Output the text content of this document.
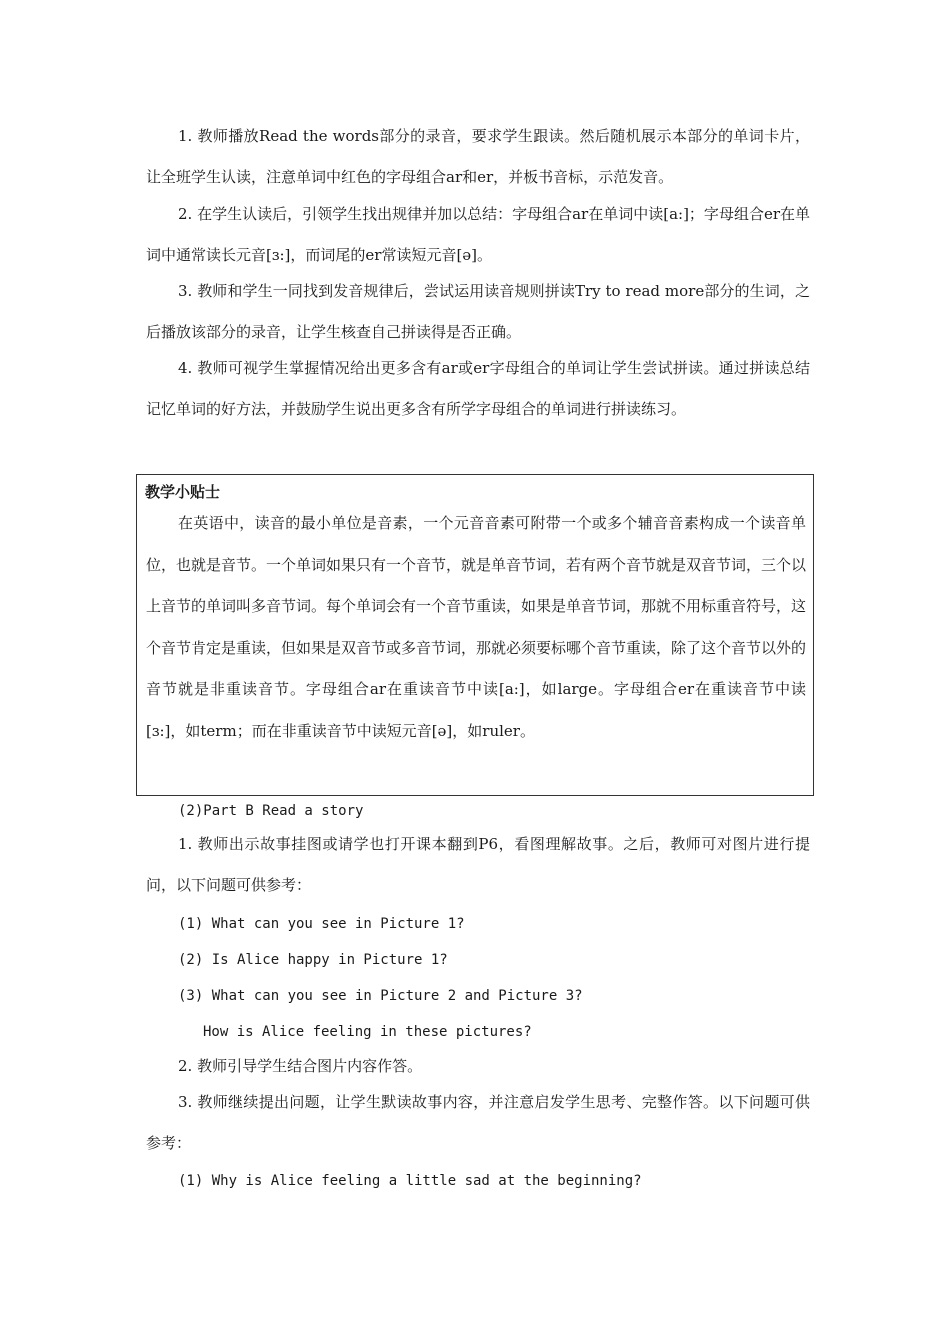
1. 教师播放Read the words部分的录音，要求学生跟读。然后随机展示本部分的单词卡片，让全班学生认读，注意单词中红色的字母组合ar和er，并板书音标，示范发音。

2. 在学生认读后，引领学生找出规律并加以总结：字母组合ar在单词中读[a:]；字母组合er在单词中通常读长元音[ɜ:]，而词尾的er常读短元音[ə]。

3. 教师和学生一同找到发音规律后，尝试运用读音规则拼读Try to read more部分的生词，之后播放该部分的录音，让学生核查自己拼读得是否正确。

4. 教师可视学生掌握情况给出更多含有ar或er字母组合的单词让学生尝试拼读。通过拼读总结记忆单词的好方法，并鼓励学生说出更多含有所学字母组合的单词进行拼读练习。

教学小贴士

在英语中，读音的最小单位是音素，一个元音音素可附带一个或多个辅音音素构成一个读音单位，也就是音节。一个单词如果只有一个音节，就是单音节词，若有两个音节就是双音节词，三个以上音节的单词叫多音节词。每个单词会有一个音节重读，如果是单音节词，那就不用标重音符号，这个音节肯定是重读，但如果是双音节或多音节词，那就必须要标哪个音节重读，除了这个音节以外的音节就是非重读音节。字母组合ar在重读音节中读[a:]，如large。字母组合er在重读音节中读[ɜ:]，如term；而在非重读音节中读短元音[ə]，如ruler。

(2)Part B Read a story

1. 教师出示故事挂图或请学也打开课本翻到P6，看图理解故事。之后，教师可对图片进行提问，以下问题可供参考：

(1) What can you see in Picture 1?
(2) Is Alice happy in Picture 1?
(3) What can you see in Picture 2 and Picture 3?
How is Alice feeling in these pictures?
2. 教师引导学生结合图片内容作答。

3. 教师继续提出问题，让学生默读故事内容，并注意启发学生思考、完整作答。以下问题可供参考：

(1) Why is Alice feeling a little sad at the beginning?
